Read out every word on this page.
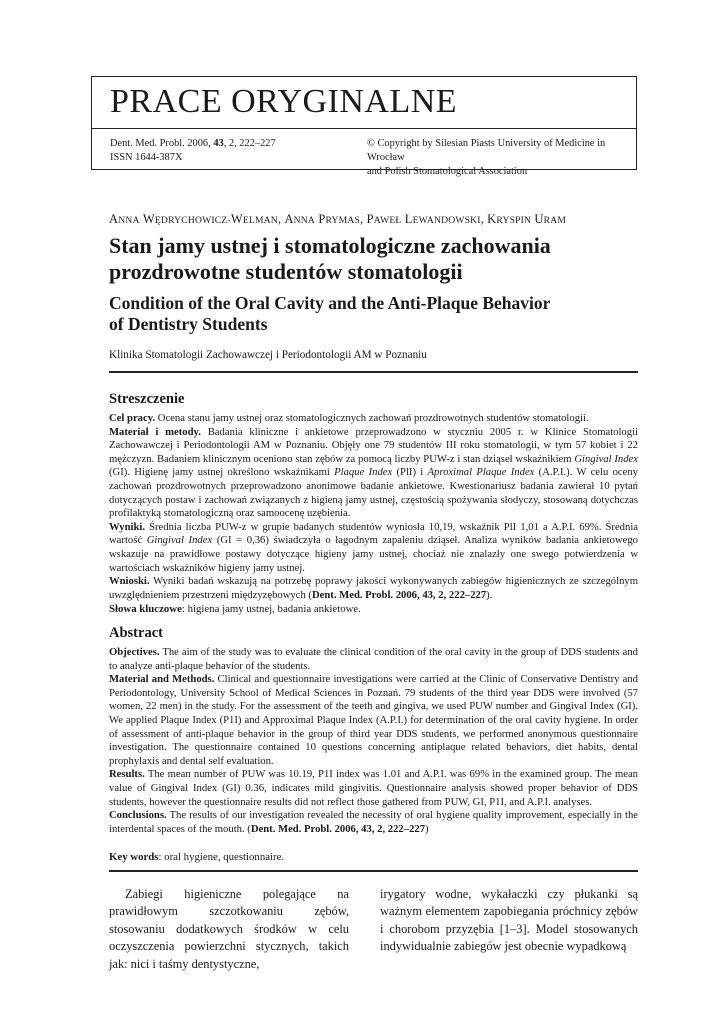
PRACE ORYGINALNE
Dent. Med. Probl. 2006, 43, 2, 222–227
ISSN 1644-387X
© Copyright by Silesian Piasts University of Medicine in Wrocław
and Polish Stomatological Association
ANNA WĘDRYCHOWICZ-WELMAN, ANNA PRYMAS, PAWEŁ LEWANDOWSKI, KRYSPIN URAM
Stan jamy ustnej i stomatologiczne zachowania
prozdrowotne studentów stomatologii
Condition of the Oral Cavity and the Anti-Plaque Behavior
of Dentistry Students
Klinika Stomatologii Zachowawczej i Periodontologii AM w Poznaniu
Streszczenie

Cel pracy. Ocena stanu jamy ustnej oraz stomatologicznych zachowań prozdrowotnych studentów stomatologii.

Materiał i metody. Badania kliniczne i ankietowe przeprowadzono w styczniu 2005 r. w Klinice Stomatologii Zachowawczej i Periodontologii AM w Poznaniu. Objęły one 79 studentów III roku stomatologii, w tym 57 kobiet i 22 mężczyzn. Badaniem klinicznym oceniono stan zębów za pomocą liczby PUW-z i stan dziąseł wskaźnikiem Gingival Index (GI). Higienę jamy ustnej określono wskaźnikami Plaque Index (PlI) i Aproximal Plaque Index (A.P.I.). W celu oceny zachowań prozdrowotnych przeprowadzono anonimowe badanie ankietowe. Kwestionariusz badania zawierał 10 pytań dotyczących postaw i zachowań związanych z higieną jamy ustnej, częstością spożywania słodyczy, stosowaną dotychczas profilaktyką stomatologiczną oraz samoocenę uzębienia.

Wyniki. Średnia liczba PUW-z w grupie badanych studentów wyniosła 10,19, wskaźnik PlI 1,01 a A.P.I. 69%. Średnia wartość Gingival Index (GI = 0,36) świadczyła o łagodnym zapaleniu dziąseł. Analiza wyników badania ankietowego wskazuje na prawidłowe postawy dotyczące higieny jamy ustnej, chociaż nie znalazły one swego potwierdzenia w wartościach wskaźników higieny jamy ustnej.

Wnioski. Wyniki badań wskazują na potrzebę poprawy jakości wykonywanych zabiegów higienicznych ze szczególnym uwzględnieniem przestrzeni międzyzębowych (Dent. Med. Probl. 2006, 43, 2, 222–227).

Słowa kluczowe: higiena jamy ustnej, badania ankietowe.
Abstract

Objectives. The aim of the study was to evaluate the clinical condition of the oral cavity in the group of DDS students and to analyze anti-plaque behavior of the students.

Material and Methods. Clinical and questionnaire investigations were carried at the Clinic of Conservative Dentistry and Periodontology, University School of Medical Sciences in Poznań. 79 students of the third year DDS were involved (57 women, 22 men) in the study. For the assessment of the teeth and gingiva, we used PUW number and Gingival Index (GI). We applied Plaque Index (P1I) and Approximal Plaque Index (A.P.I.) for determination of the oral cavity hygiene. In order of assessment of anti-plaque behavior in the group of third year DDS students, we performed anonymous questionnaire investigation. The questionnaire contained 10 questions concerning antiplaque related behaviors, diet habits, dental prophylaxis and dental self evaluation.

Results. The mean number of PUW was 10.19, P1I index was 1.01 and A.P.I. was 69% in the examined group. The mean value of Gingival Index (GI) 0.36, indicates mild gingivitis. Questionnaire analysis showed proper behavior of DDS students, however the questionnaire results did not reflect those gathered from PUW, GI, P1I, and A.P.I. analyses.

Conclusions. The results of our investigation revealed the necessity of oral hygiene quality improvement, especially in the interdental spaces of the mouth. (Dent. Med. Probl. 2006, 43, 2, 222–227)

Key words: oral hygiene, questionnaire.

Zabiegi higieniczne polegające na prawidłowym szczotkowaniu zębów, stosowaniu dodatkowych środków w celu oczyszczenia powierzchni stycznych, takich jak: nici i taśmy dentystyczne,

irygatory wodne, wykałaczki czy płukanki są ważnym elementem zapobiegania próchnicy zębów i chorobom przyzębia [1–3]. Model stosowanych indywidualnie zabiegów jest obecnie wypadkową
